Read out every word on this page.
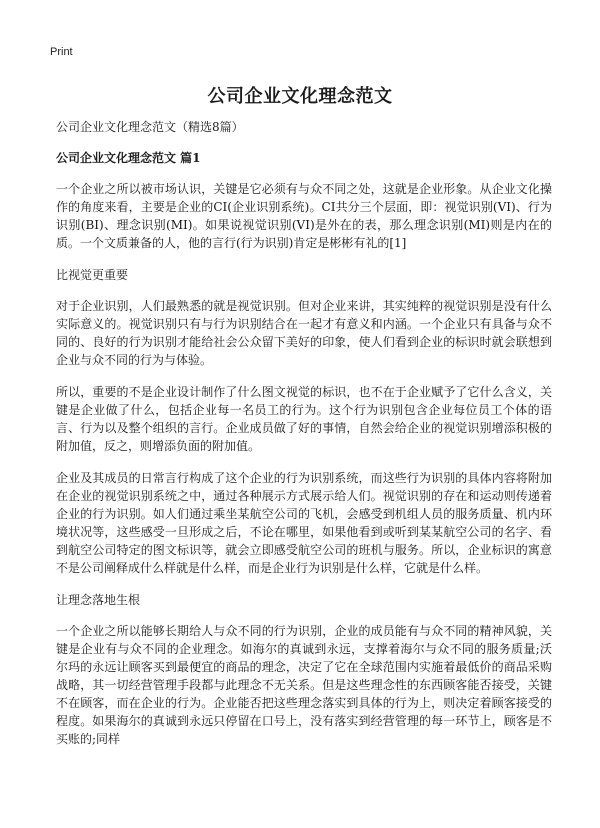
Print
公司企业文化理念范文

公司企业文化理念范文（精选8篇）

公司企业文化理念范文 篇1

一个企业之所以被市场认识，关键是它必须有与众不同之处，这就是企业形象。从企业文化操作的角度来看，主要是企业的CI(企业识别系统)。CI共分三个层面，即：视觉识别(VI)、行为识别(BI)、理念识别(MI)。如果说视觉识别(VI)是外在的表，那么理念识别(MI)则是内在的质。一个文质兼备的人，他的言行(行为识别)肯定是彬彬有礼的[1]

比视觉更重要

对于企业识别，人们最熟悉的就是视觉识别。但对企业来讲，其实纯粹的视觉识别是没有什么实际意义的。视觉识别只有与行为识别结合在一起才有意义和内涵。一个企业只有具备与众不同的、良好的行为识别才能给社会公众留下美好的印象，使人们看到企业的标识时就会联想到企业与众不同的行为与体验。

所以，重要的不是企业设计制作了什么图文视觉的标识，也不在于企业赋予了它什么含义，关键是企业做了什么，包括企业每一名员工的行为。这个行为识别包含企业每位员工个体的语言、行为以及整个组织的言行。企业成员做了好的事情，自然会给企业的视觉识别增添积极的附加值，反之，则增添负面的附加值。

企业及其成员的日常言行构成了这个企业的行为识别系统，而这些行为识别的具体内容将附加在企业的视觉识别系统之中，通过各种展示方式展示给人们。视觉识别的存在和运动则传递着企业的行为识别。如人们通过乘坐某航空公司的飞机，会感受到机组人员的服务质量、机内环境状况等，这些感受一旦形成之后，不论在哪里，如果他看到或听到某某航空公司的名字、看到航空公司特定的图文标识等，就会立即感受航空公司的班机与服务。所以，企业标识的寓意不是公司阐释成什么样就是什么样，而是企业行为识别是什么样，它就是什么样。

让理念落地生根

一个企业之所以能够长期给人与众不同的行为识别，企业的成员能有与众不同的精神风貌，关键是企业有与众不同的企业理念。如海尔的真诚到永远，支撑着海尔与众不同的服务质量;沃尔玛的永远让顾客买到最便宜的商品的理念，决定了它在全球范围内实施着最低价的商品采购战略，其一切经营管理手段都与此理念不无关系。但是这些理念性的东西顾客能否接受，关键不在顾客，而在企业的行为。企业能否把这些理念落实到具体的行为上，则决定着顾客接受的程度。如果海尔的真诚到永远只停留在口号上，没有落实到经营管理的每一环节上，顾客是不买账的;同样
